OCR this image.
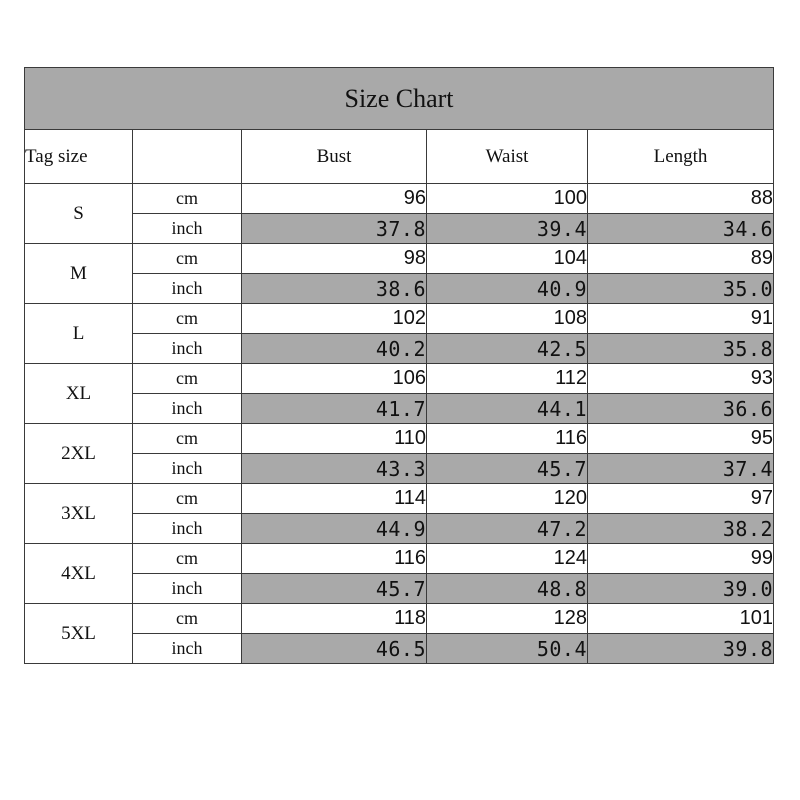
Size Chart				
Tag size		Bust	Waist	Length
S	cm	96	100	88
	inch	37.8	39.4	34.6
M	cm	98	104	89
	inch	38.6	40.9	35.0
L	cm	102	108	91
	inch	40.2	42.5	35.8
XL	cm	106	112	93
	inch	41.7	44.1	36.6
2XL	cm	110	116	95
	inch	43.3	45.7	37.4
3XL	cm	114	120	97
	inch	44.9	47.2	38.2
4XL	cm	116	124	99
	inch	45.7	48.8	39.0
5XL	cm	118	128	101
	inch	46.5	50.4	39.8
